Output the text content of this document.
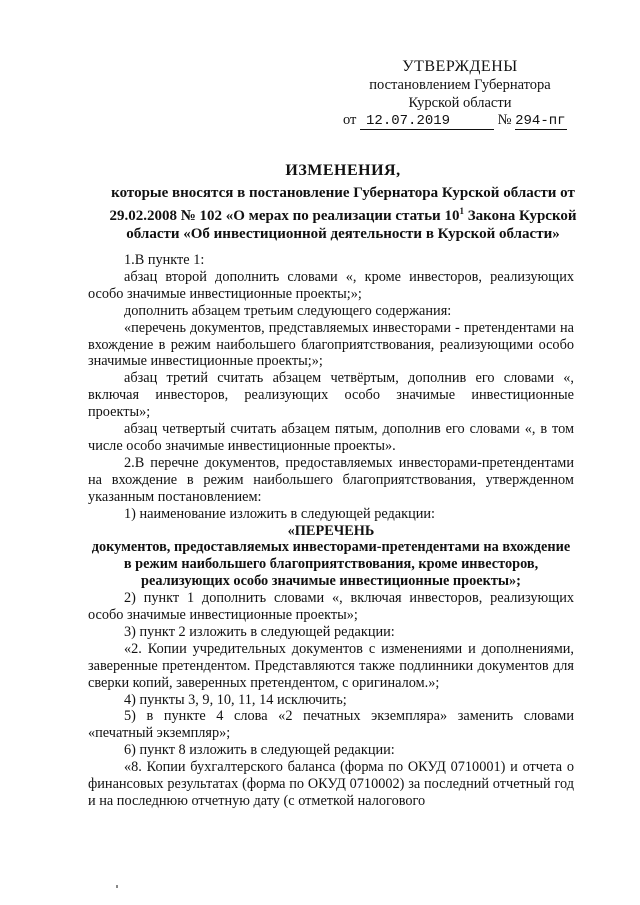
УТВЕРЖДЕНЫ
постановлением Губернатора
Курской области
от 12.07.2019	№ 294-пг
ИЗМЕНЕНИЯ,
которые вносятся в постановление Губернатора Курской области от
29.02.2008 № 102 «О мерах по реализации статьи $10^1$ Закона Курской
области «Об инвестиционной деятельности в Курской области»

1.В пункте 1:

абзац второй дополнить словами «, кроме инвесторов, реализующих особо значимые инвестиционные проекты;»;

дополнить абзацем третьим следующего содержания:

«перечень документов, представляемых инвесторами - претендентами на вхождение в режим наибольшего благоприятствования, реализующими особо значимые инвестиционные проекты;»;

абзац третий считать абзацем четвёртым, дополнив его словами «, включая инвесторов, реализующих особо значимые инвестиционные проекты»;

абзац четвертый считать абзацем пятым, дополнив его словами «, в том числе особо значимые инвестиционные проекты».

2.В перечне документов, предоставляемых инвесторами-претендентами на вхождение в режим наибольшего благоприятствования, утвержденном указанным постановлением:

1) наименование изложить в следующей редакции:

«ПЕРЕЧЕНЬ

документов, предоставляемых инвесторами-претендентами на вхождение в режим наибольшего благоприятствования, кроме инвесторов, реализующих особо значимые инвестиционные проекты»;

2) пункт 1 дополнить словами «, включая инвесторов, реализующих особо значимые инвестиционные проекты»;

3) пункт 2 изложить в следующей редакции:

«2. Копии учредительных документов с изменениями и дополнениями, заверенные претендентом. Представляются также подлинники документов для сверки копий, заверенных претендентом, с оригиналом.»;

4) пункты 3, 9, 10, 11, 14 исключить;

5) в пункте 4 слова «2 печатных экземпляра» заменить словами «печатный экземпляр»;

6) пункт 8 изложить в следующей редакции:

«8. Копии бухгалтерского баланса (форма по ОКУД 0710001) и отчета о финансовых результатах (форма по ОКУД 0710002) за последний отчетный год и на последнюю отчетную дату (с отметкой налогового
